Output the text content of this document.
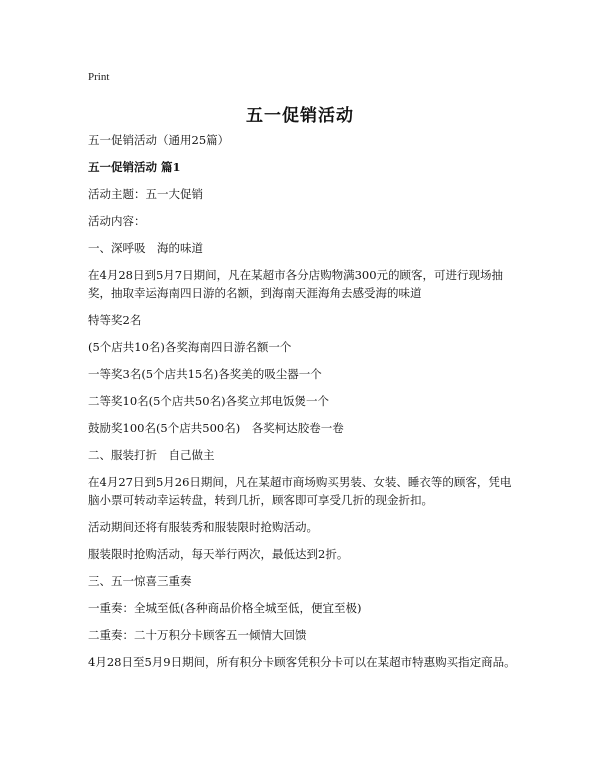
Print
五一促销活动

五一促销活动（通用25篇）

五一促销活动 篇1

活动主题：五一大促销

活动内容：

一、深呼吸　海的味道

在4月28日到5月7日期间，凡在某超市各分店购物满300元的顾客，可进行现场抽奖，抽取幸运海南四日游的名额，到海南天涯海角去感受海的味道

特等奖2名

(5个店共10名)各奖海南四日游名额一个

一等奖3名(5个店共15名)各奖美的吸尘器一个

二等奖10名(5个店共50名)各奖立邦电饭煲一个

鼓励奖100名(5个店共500名)　各奖柯达胶卷一卷

二、服装打折　自己做主

在4月27日到5月26日期间，凡在某超市商场购买男装、女装、睡衣等的顾客，凭电脑小票可转动幸运转盘，转到几折，顾客即可享受几折的现金折扣。

活动期间还将有服装秀和服装限时抢购活动。

服装限时抢购活动，每天举行两次，最低达到2折。

三、五一惊喜三重奏

一重奏：全城至低(各种商品价格全城至低，便宜至极)

二重奏：二十万积分卡顾客五一倾情大回馈

4月28日至5月9日期间，所有积分卡顾客凭积分卡可以在某超市特惠购买指定商品。
